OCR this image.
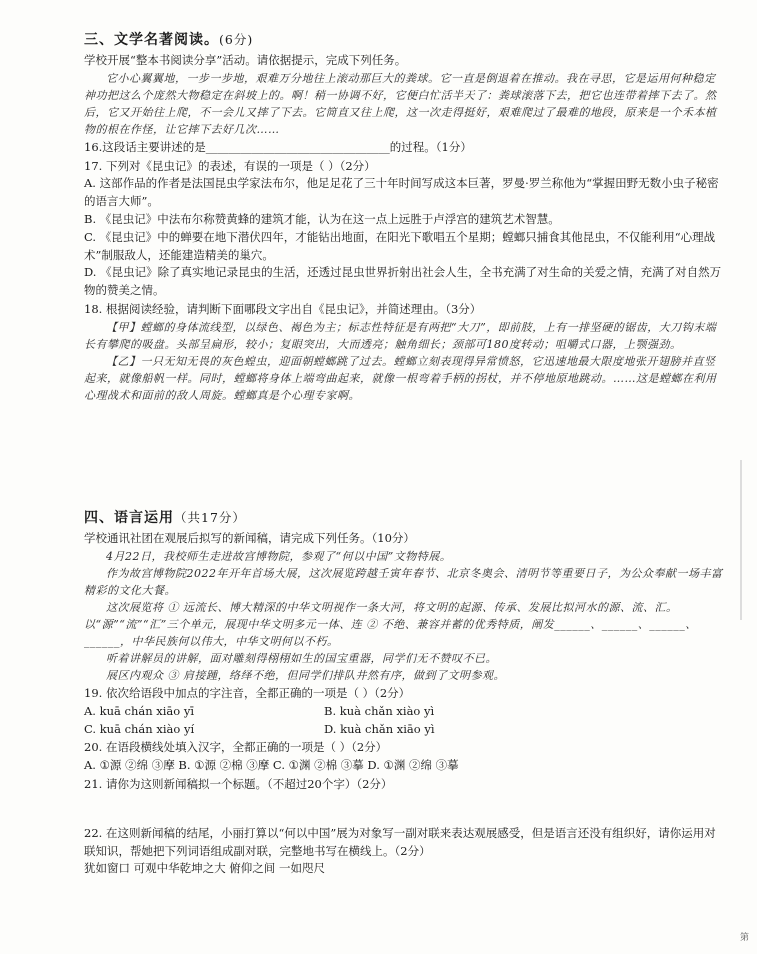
三、文学名著阅读。(6分)

学校开展“整本书阅读分享”活动。请依据提示，完成下列任务。

它小心翼翼地，一步一步地，艰难万分地往上滚动那巨大的粪球。它一直是倒退着在推动。我在寻思，它是运用何种稳定神功把这么个庞然大物稳定在斜坡上的。啊！稍一协调不好，它便白忙活半天了：粪球滚落下去，把它也连带着摔下去了。然后，它又开始往上爬，不一会儿又摔了下去。它简直又往上爬，这一次走得挺好，艰难爬过了最难的地段，原来是一个禾本植物的根在作怪，让它摔下去好几次……

16.这段话主要讲述的是________________________________的过程。（1分）

17. 下列对《昆虫记》的表述，有误的一项是（ ）（2分）

A. 这部作品的作者是法国昆虫学家法布尔，他足足花了三十年时间写成这本巨著，罗曼·罗兰称他为“掌握田野无数小虫子秘密的语言大师”。

B. 《昆虫记》中法布尔称赞黄蜂的建筑才能，认为在这一点上远胜于卢浮宫的建筑艺术智慧。

C. 《昆虫记》中的蝉要在地下潜伏四年，才能钻出地面，在阳光下歌唱五个星期；螳螂只捕食其他昆虫，不仅能利用“心理战术”制服敌人，还能建造精美的巢穴。

D. 《昆虫记》除了真实地记录昆虫的生活，还透过昆虫世界折射出社会人生，全书充满了对生命的关爱之情，充满了对自然万物的赞美之情。

18. 根据阅读经验，请判断下面哪段文字出自《昆虫记》，并简述理由。（3分）

【甲】螳螂的身体流线型，以绿色、褐色为主；标志性特征是有两把“大刀”，即前肢，上有一排坚硬的锯齿，大刀钩末端长有攀爬的吸盘。头部呈扁形，较小；复眼突出，大而透亮；触角细长；颈部可180度转动；咀嚼式口器，上颚强劲。

【乙】一只无知无畏的灰色蝗虫，迎面朝螳螂跳了过去。螳螂立刻表现得异常愤怒，它迅速地最大限度地张开翅膀并直竖起来，就像船帆一样。同时，螳螂将身体上端弯曲起来，就像一根弯着手柄的拐杖，并不停地原地跳动。……这是螳螂在利用心理战术和面前的敌人周旋。螳螂真是个心理专家啊。

四、语言运用（共17分）

学校通讯社团在观展后拟写的新闻稿，请完成下列任务。（10分）

4月22日，我校师生走进故宫博物院，参观了“何以中国”文物特展。

作为故宫博物院2022年开年首场大展，这次展览跨越壬寅年春节、北京冬奥会、清明节等重要日子，为公众奉献一场丰富精彩的文化大餐。

这次展览将 ① 远流长、博大精深的中华文明视作一条大河，将文明的起源、传承、发展比拟河水的源、流、汇。以“源”“流”“汇”三个单元，展现中华文明多元一体、连 ② 不绝、兼容并蓄的优秀特质，阐发______、______、______、______，中华民族何以伟大，中华文明何以不朽。

听着讲解员的讲解，面对雕刻得栩栩如生的国宝重器，同学们无不赞叹不已。

展区内观众 ③ 肩接踵，络绎不绝，但同学们排队井然有序，做到了文明参观。

19. 依次给语段中加点的字注音，全都正确的一项是（ ）（2分）

A. kuā chán xiāo yī	B. kuà chǎn xiào yì

C. kuā chán xiào yí	D. kuà chǎn xiāo yì

20. 在语段横线处填入汉字，全都正确的一项是（ ）（2分）

A. ①源 ②绵 ③摩 B. ①源 ②棉 ③摩 C. ①渊 ②棉 ③摹 D. ①渊 ②绵 ③摹

21. 请你为这则新闻稿拟一个标题。（不超过20个字）（2分）

22. 在这则新闻稿的结尾，小丽打算以“何以中国”展为对象写一副对联来表达观展感受，但是语言还没有组织好，请你运用对联知识，帮她把下列词语组成副对联，完整地书写在横线上。（2分）

犹如窗口 可观中华乾坤之大 俯仰之间 一如咫尺

第
